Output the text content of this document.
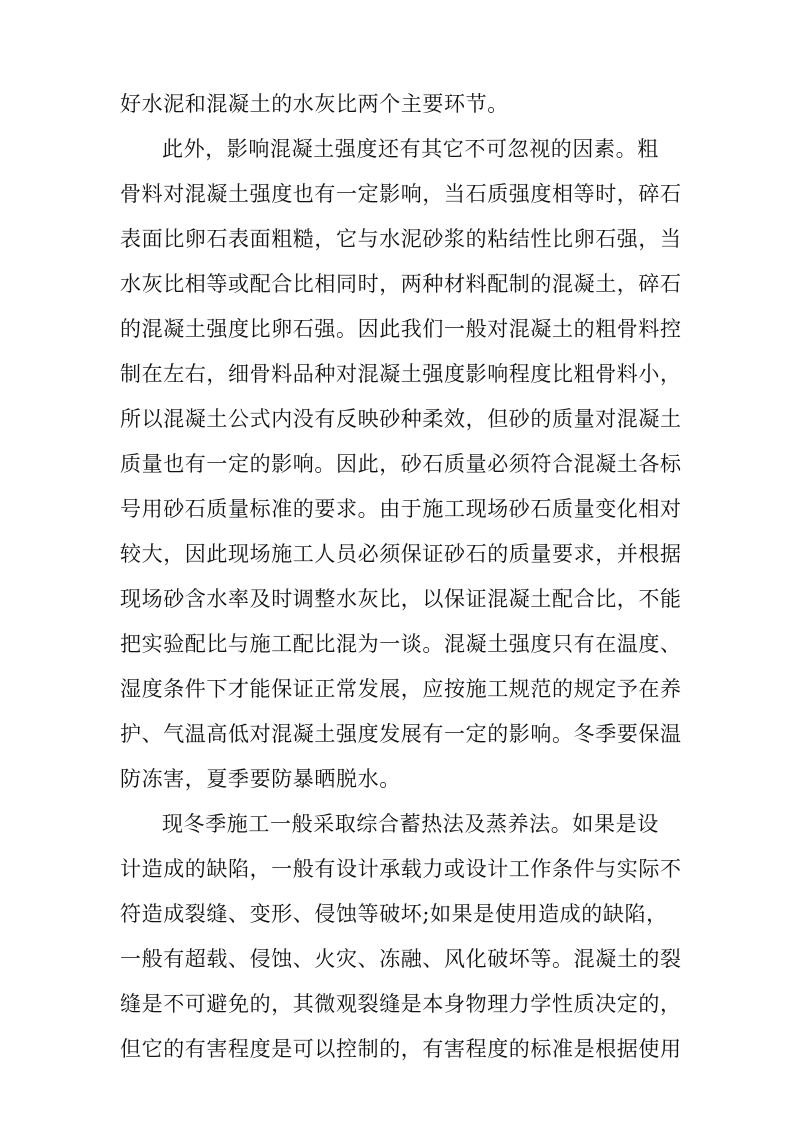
好水泥和混凝土的水灰比两个主要环节。
此外，影响混凝土强度还有其它不可忽视的因素。粗
骨料对混凝土强度也有一定影响，当石质强度相等时，碎石
表面比卵石表面粗糙，它与水泥砂浆的粘结性比卵石强，当
水灰比相等或配合比相同时，两种材料配制的混凝土，碎石
的混凝土强度比卵石强。因此我们一般对混凝土的粗骨料控
制在左右，细骨料品种对混凝土强度影响程度比粗骨料小，
所以混凝土公式内没有反映砂种柔效，但砂的质量对混凝土
质量也有一定的影响。因此，砂石质量必须符合混凝土各标
号用砂石质量标准的要求。由于施工现场砂石质量变化相对
较大，因此现场施工人员必须保证砂石的质量要求，并根据
现场砂含水率及时调整水灰比，以保证混凝土配合比，不能
把实验配比与施工配比混为一谈。混凝土强度只有在温度、
湿度条件下才能保证正常发展，应按施工规范的规定予在养
护、气温高低对混凝土强度发展有一定的影响。冬季要保温
防冻害，夏季要防暴晒脱水。
现冬季施工一般采取综合蓄热法及蒸养法。如果是设
计造成的缺陷，一般有设计承载力或设计工作条件与实际不
符造成裂缝、变形、侵蚀等破坏;如果是使用造成的缺陷，
一般有超载、侵蚀、火灾、冻融、风化破坏等。混凝土的裂
缝是不可避免的，其微观裂缝是本身物理力学性质决定的，
但它的有害程度是可以控制的，有害程度的标准是根据使用
